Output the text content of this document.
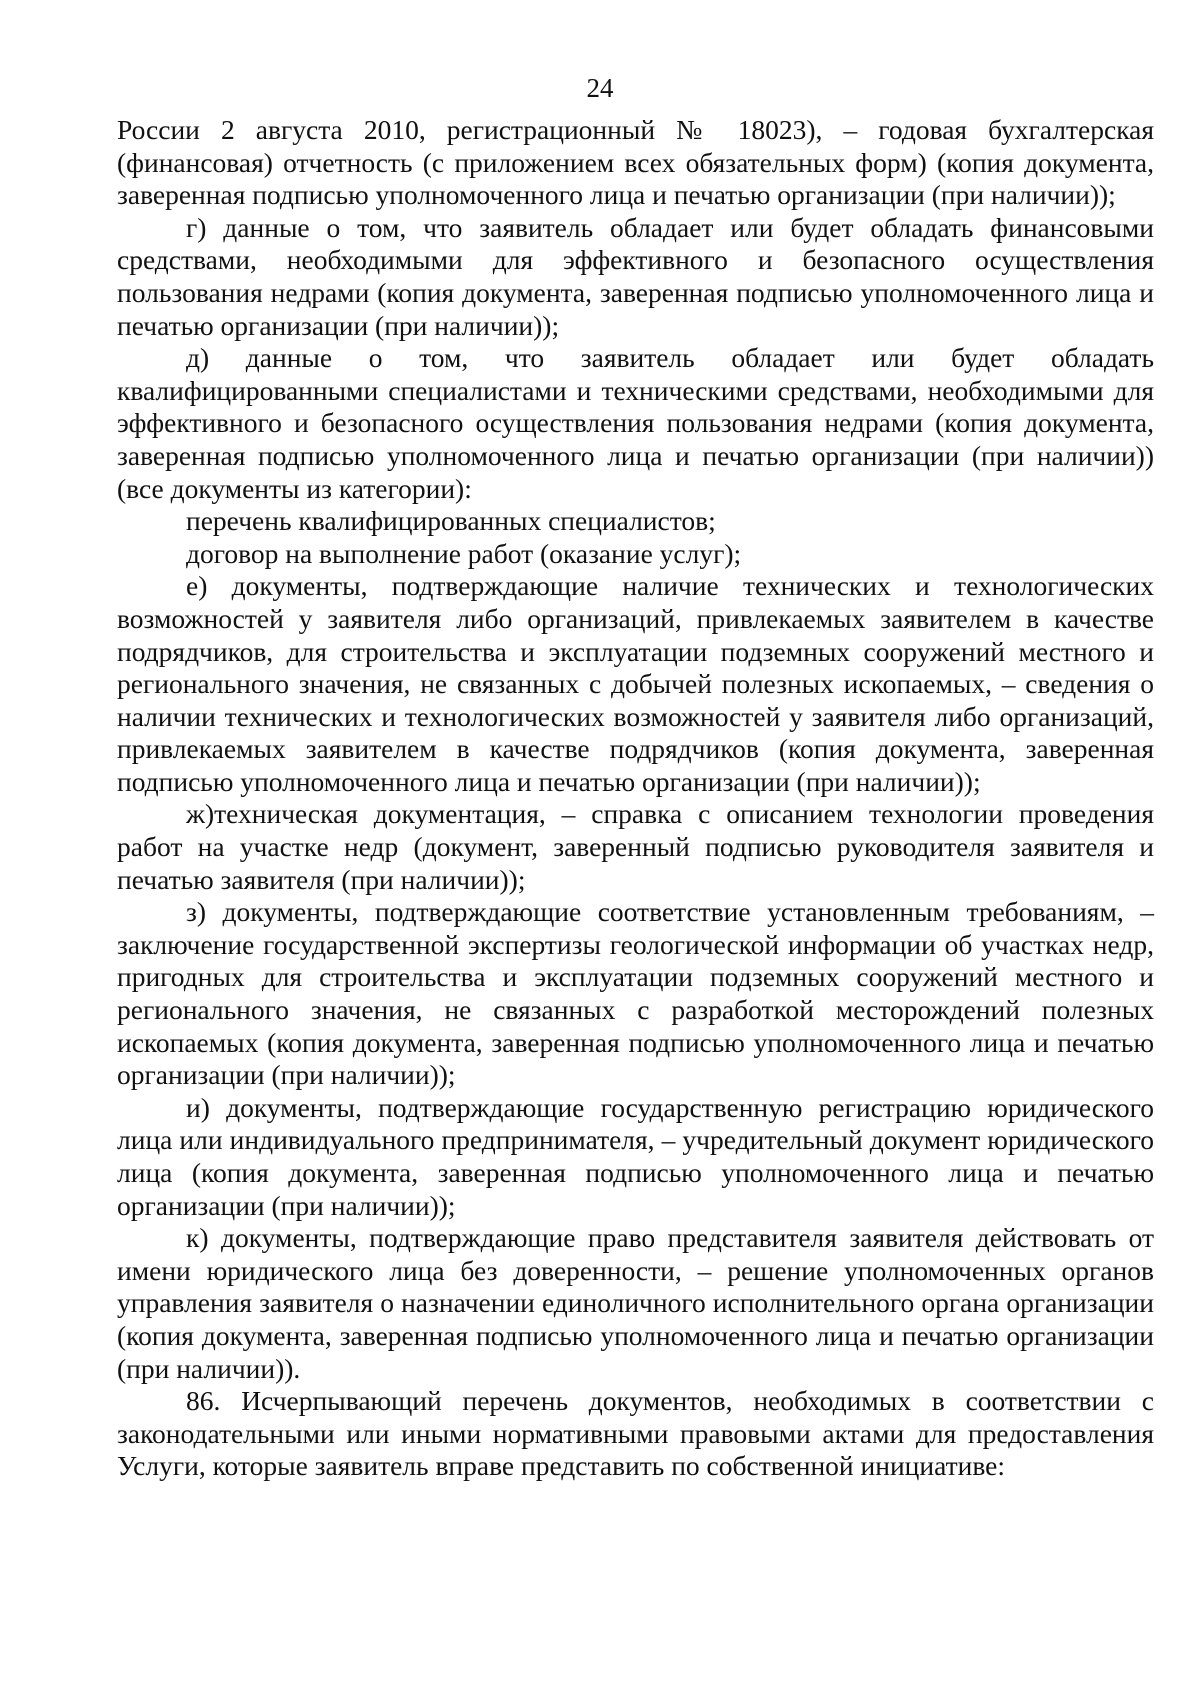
24

России 2 августа 2010, регистрационный № 18023), – годовая бухгалтерская (финансовая) отчетность (с приложением всех обязательных форм) (копия документа, заверенная подписью уполномоченного лица и печатью организации (при наличии));

г) данные о том, что заявитель обладает или будет обладать финансовыми средствами, необходимыми для эффективного и безопасного осуществления пользования недрами (копия документа, заверенная подписью уполномоченного лица и печатью организации (при наличии));

д) данные о том, что заявитель обладает или будет обладать квалифицированными специалистами и техническими средствами, необходимыми для эффективного и безопасного осуществления пользования недрами (копия документа, заверенная подписью уполномоченного лица и печатью организации (при наличии)) (все документы из категории):

перечень квалифицированных специалистов;

договор на выполнение работ (оказание услуг);

е) документы, подтверждающие наличие технических и технологических возможностей у заявителя либо организаций, привлекаемых заявителем в качестве подрядчиков, для строительства и эксплуатации подземных сооружений местного и регионального значения, не связанных с добычей полезных ископаемых, – сведения о наличии технических и технологических возможностей у заявителя либо организаций, привлекаемых заявителем в качестве подрядчиков (копия документа, заверенная подписью уполномоченного лица и печатью организации (при наличии));

ж)техническая документация, – справка с описанием технологии проведения работ на участке недр (документ, заверенный подписью руководителя заявителя и печатью заявителя (при наличии));

з) документы, подтверждающие соответствие установленным требованиям, – заключение государственной экспертизы геологической информации об участках недр, пригодных для строительства и эксплуатации подземных сооружений местного и регионального значения, не связанных с разработкой месторождений полезных ископаемых (копия документа, заверенная подписью уполномоченного лица и печатью организации (при наличии));

и) документы, подтверждающие государственную регистрацию юридического лица или индивидуального предпринимателя, – учредительный документ юридического лица (копия документа, заверенная подписью уполномоченного лица и печатью организации (при наличии));

к) документы, подтверждающие право представителя заявителя действовать от имени юридического лица без доверенности, – решение уполномоченных органов управления заявителя о назначении единоличного исполнительного органа организации (копия документа, заверенная подписью уполномоченного лица и печатью организации (при наличии)).

86. Исчерпывающий перечень документов, необходимых в соответствии с законодательными или иными нормативными правовыми актами для предоставления Услуги, которые заявитель вправе представить по собственной инициативе:
